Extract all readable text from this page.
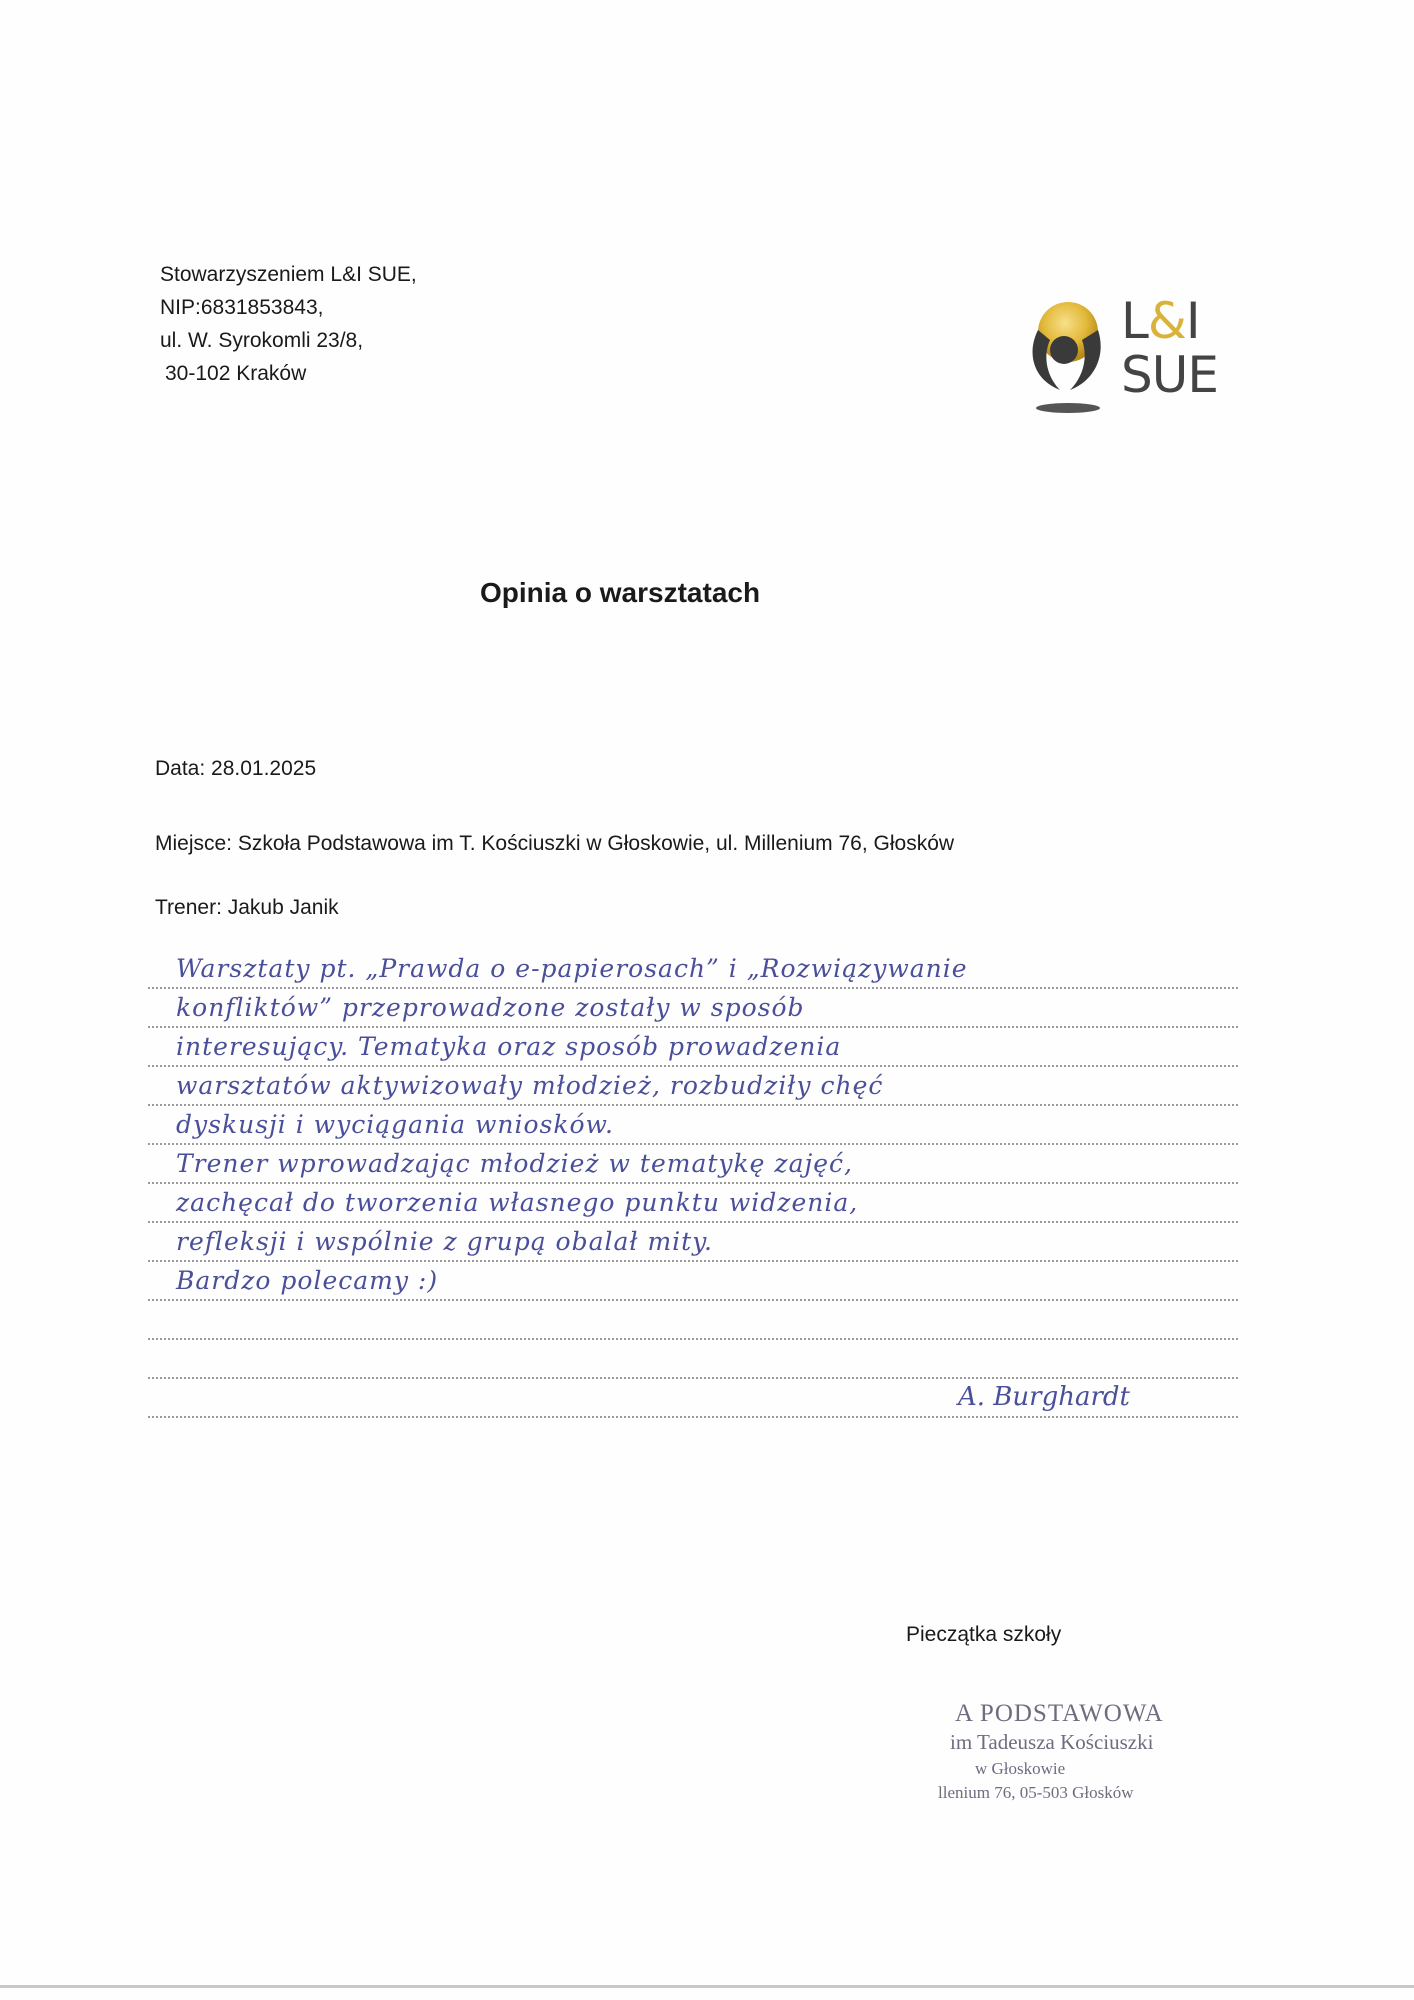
Stowarzyszeniem L&I SUE,
NIP:6831853843,
ul. W. Syrokomli 23/8,
30-102 Kraków
L&I
SUE
Opinia o warsztatach
Data: 28.01.2025
Miejsce: Szkoła Podstawowa im T. Kościuszki w Głoskowie, ul. Millenium 76, Głosków
Trener: Jakub Janik
Warsztaty pt. „Prawda o e-papierosach” i „Rozwiązywanie
konfliktów” przeprowadzone zostały w sposób
interesujący. Tematyka oraz sposób prowadzenia
warsztatów aktywizowały młodzież, rozbudziły chęć
dyskusji i wyciągania wniosków.
Trener wprowadzając młodzież w tematykę zajęć,
zachęcał do tworzenia własnego punktu widzenia,
refleksji i wspólnie z grupą obalał mity.
Bardzo polecamy :)
A. Burghardt
Pieczątka szkoły
A PODSTAWOWA
im Tadeusza Kościuszki
w Głoskowie
llenium 76, 05-503 Głosków
